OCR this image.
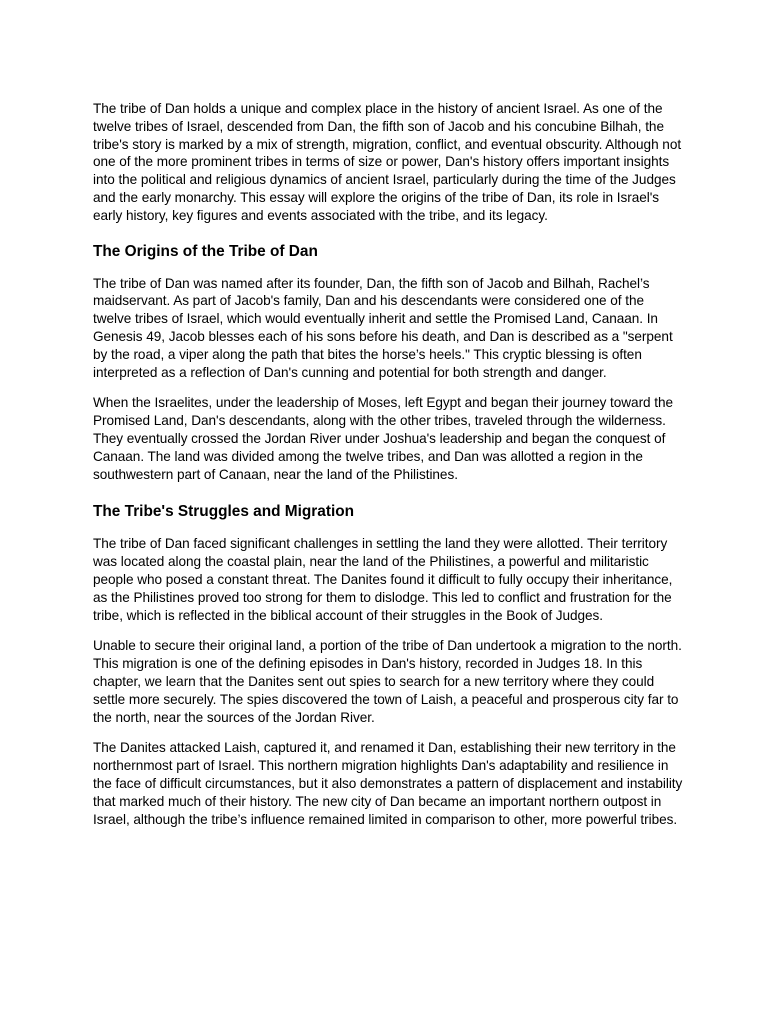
The tribe of Dan holds a unique and complex place in the history of ancient Israel. As one of the twelve tribes of Israel, descended from Dan, the fifth son of Jacob and his concubine Bilhah, the tribe's story is marked by a mix of strength, migration, conflict, and eventual obscurity. Although not one of the more prominent tribes in terms of size or power, Dan's history offers important insights into the political and religious dynamics of ancient Israel, particularly during the time of the Judges and the early monarchy. This essay will explore the origins of the tribe of Dan, its role in Israel's early history, key figures and events associated with the tribe, and its legacy.

The Origins of the Tribe of Dan

The tribe of Dan was named after its founder, Dan, the fifth son of Jacob and Bilhah, Rachel’s maidservant. As part of Jacob's family, Dan and his descendants were considered one of the twelve tribes of Israel, which would eventually inherit and settle the Promised Land, Canaan. In Genesis 49, Jacob blesses each of his sons before his death, and Dan is described as a "serpent by the road, a viper along the path that bites the horse’s heels." This cryptic blessing is often interpreted as a reflection of Dan's cunning and potential for both strength and danger.

When the Israelites, under the leadership of Moses, left Egypt and began their journey toward the Promised Land, Dan's descendants, along with the other tribes, traveled through the wilderness. They eventually crossed the Jordan River under Joshua's leadership and began the conquest of Canaan. The land was divided among the twelve tribes, and Dan was allotted a region in the southwestern part of Canaan, near the land of the Philistines.

The Tribe's Struggles and Migration

The tribe of Dan faced significant challenges in settling the land they were allotted. Their territory was located along the coastal plain, near the land of the Philistines, a powerful and militaristic people who posed a constant threat. The Danites found it difficult to fully occupy their inheritance, as the Philistines proved too strong for them to dislodge. This led to conflict and frustration for the tribe, which is reflected in the biblical account of their struggles in the Book of Judges.

Unable to secure their original land, a portion of the tribe of Dan undertook a migration to the north. This migration is one of the defining episodes in Dan's history, recorded in Judges 18. In this chapter, we learn that the Danites sent out spies to search for a new territory where they could settle more securely. The spies discovered the town of Laish, a peaceful and prosperous city far to the north, near the sources of the Jordan River.

The Danites attacked Laish, captured it, and renamed it Dan, establishing their new territory in the northernmost part of Israel. This northern migration highlights Dan's adaptability and resilience in the face of difficult circumstances, but it also demonstrates a pattern of displacement and instability that marked much of their history. The new city of Dan became an important northern outpost in Israel, although the tribe’s influence remained limited in comparison to other, more powerful tribes.
